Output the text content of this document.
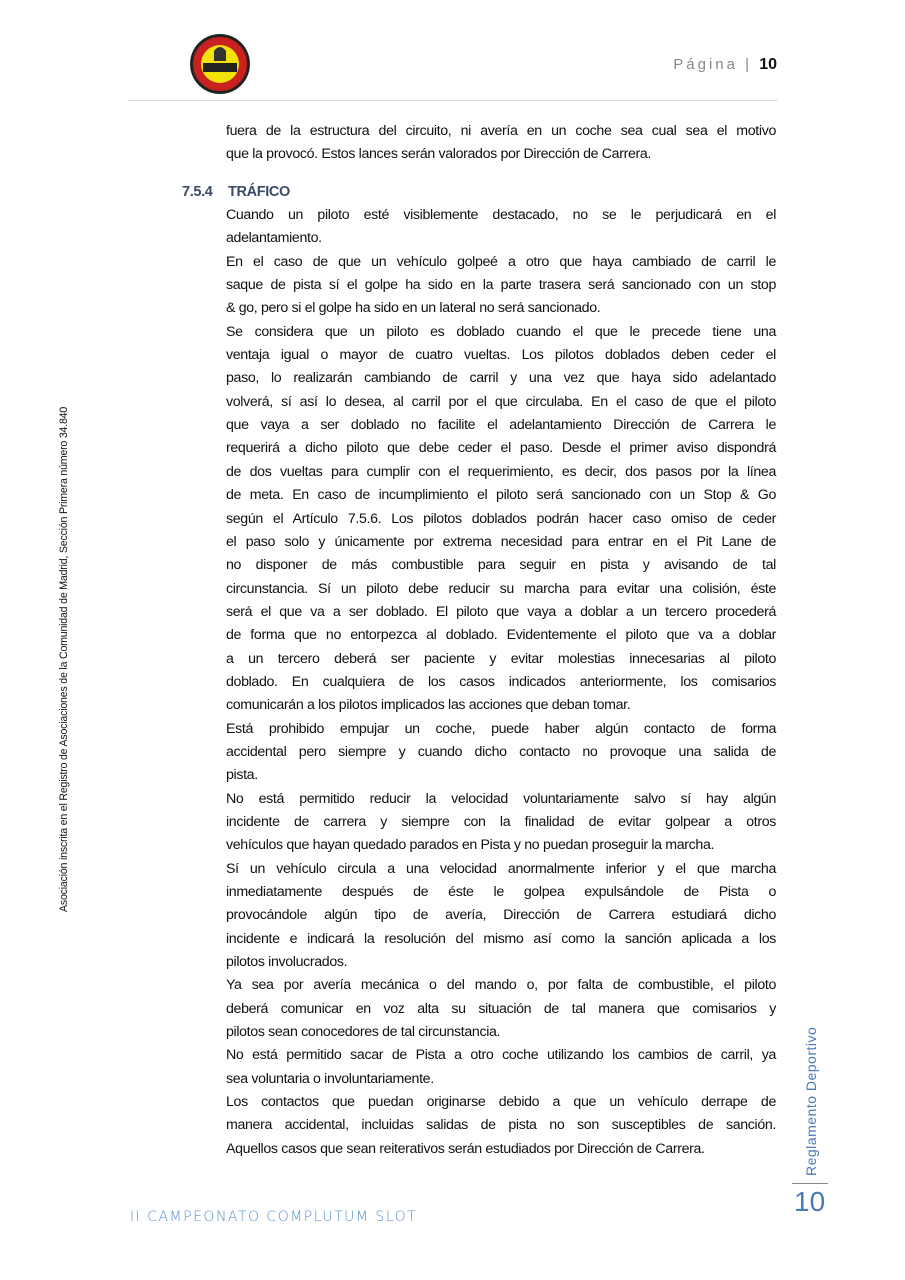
Página | 10
fuera de la estructura del circuito, ni avería en un coche sea cual sea el motivo
que la provocó. Estos lances serán valorados por Dirección de Carrera.
7.5.4 TRÁFICO
Cuando un piloto esté visiblemente destacado, no se le perjudicará en el
adelantamiento.
En el caso de que un vehículo golpeé a otro que haya cambiado de carril le
saque de pista sí el golpe ha sido en la parte trasera será sancionado con un stop
& go, pero si el golpe ha sido en un lateral no será sancionado.
Se considera que un piloto es doblado cuando el que le precede tiene una
ventaja igual o mayor de cuatro vueltas. Los pilotos doblados deben ceder el
paso, lo realizarán cambiando de carril y una vez que haya sido adelantado
volverá, sí así lo desea, al carril por el que circulaba. En el caso de que el piloto
que vaya a ser doblado no facilite el adelantamiento Dirección de Carrera le
requerirá a dicho piloto que debe ceder el paso. Desde el primer aviso dispondrá
de dos vueltas para cumplir con el requerimiento, es decir, dos pasos por la línea
de meta. En caso de incumplimiento el piloto será sancionado con un Stop & Go
según el Artículo 7.5.6. Los pilotos doblados podrán hacer caso omiso de ceder
el paso solo y únicamente por extrema necesidad para entrar en el Pit Lane de
no disponer de más combustible para seguir en pista y avisando de tal
circunstancia. Sí un piloto debe reducir su marcha para evitar una colisión, éste
será el que va a ser doblado. El piloto que vaya a doblar a un tercero procederá
de forma que no entorpezca al doblado. Evidentemente el piloto que va a doblar
a un tercero deberá ser paciente y evitar molestias innecesarias al piloto
doblado. En cualquiera de los casos indicados anteriormente, los comisarios
comunicarán a los pilotos implicados las acciones que deban tomar.
Está prohibido empujar un coche, puede haber algún contacto de forma
accidental pero siempre y cuando dicho contacto no provoque una salida de
pista.
No está permitido reducir la velocidad voluntariamente salvo sí hay algún
incidente de carrera y siempre con la finalidad de evitar golpear a otros
vehículos que hayan quedado parados en Pista y no puedan proseguir la marcha.
Sí un vehículo circula a una velocidad anormalmente inferior y el que marcha
inmediatamente después de éste le golpea expulsándole de Pista o
provocándole algún tipo de avería, Dirección de Carrera estudiará dicho
incidente e indicará la resolución del mismo así como la sanción aplicada a los
pilotos involucrados.
Ya sea por avería mecánica o del mando o, por falta de combustible, el piloto
deberá comunicar en voz alta su situación de tal manera que comisarios y
pilotos sean conocedores de tal circunstancia.
No está permitido sacar de Pista a otro coche utilizando los cambios de carril, ya
sea voluntaria o involuntariamente.
Los contactos que puedan originarse debido a que un vehículo derrape de
manera accidental, incluidas salidas de pista no son susceptibles de sanción.
Aquellos casos que sean reiterativos serán estudiados por Dirección de Carrera.
Asociación inscrita en el Registro de Asociaciones de la Comunidad de Madrid, Sección Primera número 34.840
Reglamento Deportivo
10
II CAMPEONATO COMPLUTUM SLOT
